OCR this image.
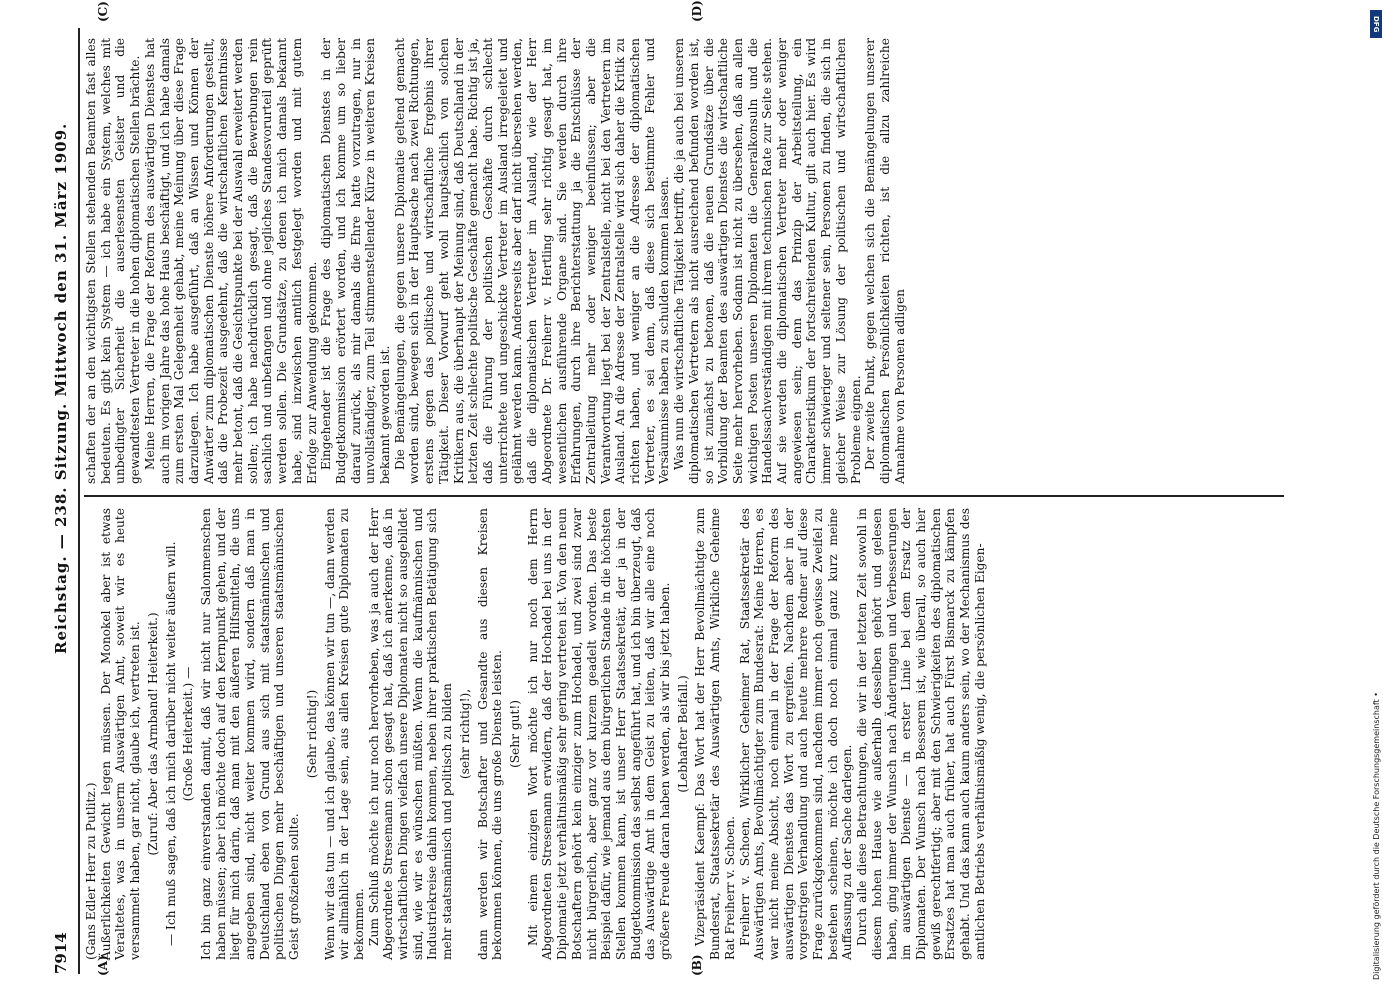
7914
Reichstag. — 238. Sitzung. Mittwoch den 31. März 1909.
(A)	(B)
(C)	(D)

(Gans Edler Herr zu Putlitz.) Äußerlichkeiten Gewicht legen müssen. Der Monokel aber ist etwas Veraltetes, was in unserm Auswärtigen Amt, soweit wir es heute versammelt haben, gar nicht, glaube ich, vertreten ist. (Zuruf: Aber das Armband! Heiterkeit.) — Ich muß sagen, daß ich mich darüber nicht weiter äußern will. (Große Heiterkeit.) — Ich bin ganz einverstanden damit, daß wir nicht nur Salonmenschen haben müssen; aber ich möchte doch auf den Kernpunkt gehen, und der liegt für mich darin, daß man mit den äußeren Hilfsmitteln, die uns angegeben sind, nicht weiter kommen wird, sondern daß man in Deutschland eben von Grund aus sich mit staatsmännischen und politischen Dingen mehr beschäftigen und unseren staatsmännischen Geist großziehen sollte.

(Sehr richtig!) Wenn wir das tun — und ich glaube, das können wir tun —, dann werden wir allmählich in der Lage sein, aus allen Kreisen gute Diplomaten zu bekommen. Zum Schluß möchte ich nur noch hervorheben, was ja auch der Herr Abgeordnete Stresemann schon gesagt hat, daß ich anerkenne, daß in wirtschaftlichen Dingen vielfach unsere Diplomaten nicht so ausgebildet sind, wie wir es wünschen müßten. Wenn die kaufmännischen und Industriekreise dahin kommen, neben ihrer praktischen Betätigung sich mehr staatsmännisch und politisch zu bilden (sehr richtig!), dann werden wir Botschafter und Gesandte aus diesen Kreisen bekommen können, die uns große Dienste leisten. (Sehr gut!) Mit einem einzigen Wort möchte ich nur noch dem Herrn Abgeordneten Stresemann erwidern, daß der Hochadel bei uns in der Diplomatie jetzt verhältnismäßig sehr gering vertreten ist. Von den neun Botschaftern gehört kein einziger zum Hochadel, und zwei sind zwar nicht bürgerlich, aber ganz vor kurzem geadelt worden. Das beste Beispiel dafür, wie jemand aus dem bürgerlichen Stande in die höchsten Stellen kommen kann, ist unser Herr Staatssekretär, der ja in der Budgetkommission das selbst angeführt hat, und ich bin überzeugt, daß das Auswärtige Amt in dem Geist zu leiten, daß wir alle eine noch größere Freude daran haben werden, als wir bis jetzt haben. (Lebhafter Beifall.) Vizepräsident Kaempf: Das Wort hat der Herr Bevollmächtigte zum Bundesrat, Staatssekretär des Auswärtigen Amts, Wirkliche Geheime Rat Freiherr v. Schoen. Freiherr v. Schoen, Wirklicher Geheimer Rat, Staatssekretär des Auswärtigen Amts, Bevollmächtigter zum Bundesrat: Meine Herren, es war nicht meine Absicht, noch einmal in der Frage der Reform des auswärtigen Dienstes das Wort zu ergreifen. Nachdem aber in der vorgestrigen Verhandlung und auch heute mehrere Redner auf diese Frage zurückgekommen sind, nachdem immer noch gewisse Zweifel zu bestehen scheinen, möchte ich doch noch einmal ganz kurz meine Auffassung zu der Sache darlegen. Durch alle diese Betrachtungen, die wir in der letzten Zeit sowohl in diesem hohen Hause wie außerhalb desselben gehört und gelesen haben, ging immer der Wunsch nach Änderungen und Verbesserungen im auswärtigen Dienste — in erster Linie bei dem Ersatz der Diplomaten. Der Wunsch nach Besserem ist, wie überall, so auch hier gewiß gerechtfertigt; aber mit den Schwierigkeiten des diplomatischen Ersatzes hat man auch früher, hat auch Fürst Bismarck zu kämpfen gehabt. Und das kann auch kaum anders sein, wo der Mechanismus des amtlichen Betriebs verhältnismäßig wenig, die persönlichen Eigen-

schaften der an den wichtigsten Stellen stehenden Beamten fast alles bedeuten. Es gibt kein System — ich habe ein System, welches mit unbedingter Sicherheit die auserlesensten Geister und die gewandtesten Vertreter in die hohen diplomatischen Stellen brächte. Meine Herren, die Frage der Reform des auswärtigen Dienstes hat auch im vorigen Jahre das hohe Haus beschäftigt, und ich habe damals zum ersten Mal Gelegenheit gehabt, meine Meinung über diese Frage darzulegen. Ich habe ausgeführt, daß an Wissen und Können der Anwärter zum diplomatischen Dienste höhere Anforderungen gestellt, daß die Probezeit ausgedehnt, daß die wirtschaftlichen Kenntnisse mehr betont, daß die Gesichtspunkte bei der Auswahl erweitert werden sollen; ich habe nachdrücklich gesagt, daß die Bewerbungen rein sachlich und unbefangen und ohne jegliches Standesvorurteil geprüft werden sollen. Die Grundsätze, zu denen ich mich damals bekannt habe, sind inzwischen amtlich festgelegt worden und mit gutem Erfolge zur Anwendung gekommen. Eingehender ist die Frage des diplomatischen Dienstes in der Budgetkommission erörtert worden, und ich komme um so lieber darauf zurück, als mir damals die Ehre hatte vorzutragen, nur in unvollständiger, zum Teil stimmenstellender Kürze in weiteren Kreisen bekannt geworden ist. Die Bemängelungen, die gegen unsere Diplomatie geltend gemacht worden sind, bewegen sich in der Hauptsache nach zwei Richtungen, erstens gegen das politische und wirtschaftliche Ergebnis ihrer Tätigkeit. Dieser Vorwurf geht wohl hauptsächlich von solchen Kritikern aus, die überhaupt der Meinung sind, daß Deutschland in der letzten Zeit schlechte politische Geschäfte gemacht habe. Richtig ist ja, daß die Führung der politischen Geschäfte durch schlecht unterrichtete und ungeschickte Vertreter im Ausland irregeleitet und gelähmt werden kann. Andererseits aber darf nicht übersehen werden, daß die diplomatischen Vertreter im Ausland, wie der Herr Abgeordnete Dr. Freiherr v. Hertling sehr richtig gesagt hat, im wesentlichen ausführende Organe sind. Sie werden durch ihre Erfahrungen, durch ihre Berichterstattung ja die Entschlüsse der Zentralleitung mehr oder weniger beeinflussen; aber die Verantwortung liegt bei der Zentralstelle, nicht bei den Vertretern im Ausland. An die Adresse der Zentralstelle wird sich daher die Kritik zu richten haben, und weniger an die Adresse der diplomatischen Vertreter, es sei denn, daß diese sich bestimmte Fehler und Versäumnisse haben zu schulden kommen lassen. Was nun die wirtschaftliche Tätigkeit betrifft, die ja auch bei unseren diplomatischen Vertretern als nicht ausreichend befunden worden ist, so ist zunächst zu betonen, daß die neuen Grundsätze über die Vorbildung der Beamten des auswärtigen Dienstes die wirtschaftliche Seite mehr hervorheben. Sodann ist nicht zu übersehen, daß an allen wichtigen Posten unseren Diplomaten die Generalkonsuln und die Handelssachverständigen mit ihrem technischen Rate zur Seite stehen. Auf sie werden die diplomatischen Vertreter mehr oder weniger angewiesen sein; denn das Prinzip der Arbeitsteilung, ein Charakteristikum der fortschreitenden Kultur, gilt auch hier. Es wird immer schwieriger und seltener sein, Personen zu finden, die sich in gleicher Weise zur Lösung der politischen und wirtschaftlichen Probleme eignen. Der zweite Punkt, gegen welchen sich die Bemängelungen unserer diplomatischen Persönlichkeiten richten, ist die allzu zahlreiche Annahme von Personen adligen

Digitalisierung gefördert durch die Deutsche Forschungsgemeinschaft •
DFG
